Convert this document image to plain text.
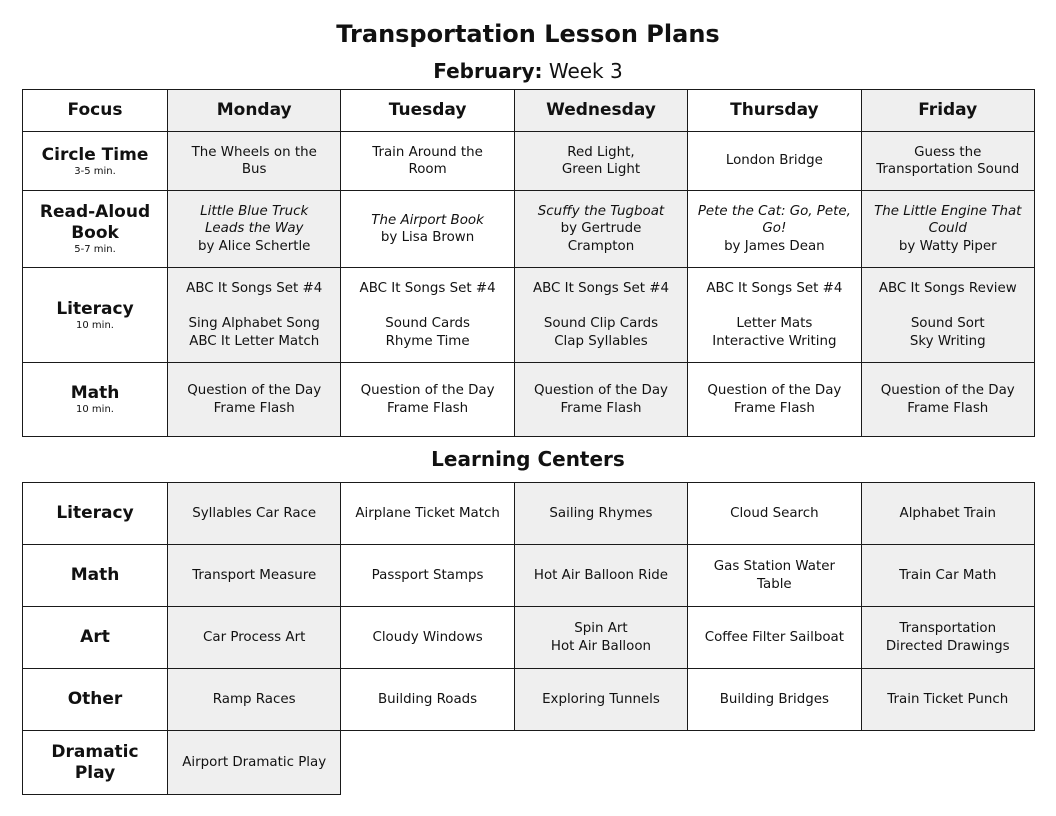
Transportation Lesson Plans
February: Week 3
Focus	Monday	Tuesday	Wednesday	Thursday	Friday
Circle Time
3-5 min.	The Wheels on the
Bus	Train Around the
Room	Red Light,
Green Light	London Bridge	Guess the
Transportation Sound

Read-Aloud
Book
5-7 min.	Little Blue Truck
Leads the Way
by Alice Schertle	The Airport Book
by Lisa Brown	Scuffy the Tugboat
by Gertrude
Crampton	Pete the Cat: Go, Pete,
Go!
by James Dean	The Little Engine That
Could
by Watty Piper

Literacy
10 min.	ABC It Songs Set #4
Sing Alphabet Song
ABC It Letter Match	ABC It Songs Set #4
Sound Cards
Rhyme Time	ABC It Songs Set #4
Sound Clip Cards
Clap Syllables	ABC It Songs Set #4
Letter Mats
Interactive Writing	ABC It Songs Review
Sound Sort
Sky Writing

Math
10 min.	Question of the Day
Frame Flash	Question of the Day
Frame Flash	Question of the Day
Frame Flash	Question of the Day
Frame Flash	Question of the Day
Frame Flash
Learning Centers
Literacy	Syllables Car Race	Airplane Ticket Match	Sailing Rhymes	Cloud Search	Alphabet Train

Math	Transport Measure	Passport Stamps	Hot Air Balloon Ride	Gas Station Water
Table	Train Car Math

Art	Car Process Art	Cloudy Windows	Spin Art
Hot Air Balloon	Coffee Filter Sailboat	Transportation
Directed Drawings

Other	Ramp Races	Building Roads	Exploring Tunnels	Building Bridges	Train Ticket Punch

Dramatic
Play	Airport Dramatic Play				
